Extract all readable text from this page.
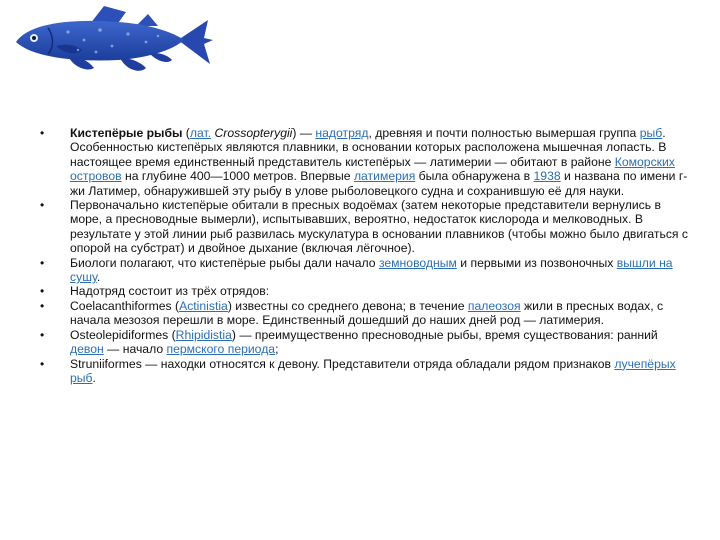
• Кистепёрые рыбы (лат. Crossopterygii) — надотряд, древняя и почти полностью вымершая группа рыб. Особенностью кистепёрых являются плавники, в основании которых расположена мышечная лопасть. В настоящее время единственный представитель кистепёрых — латимерии — обитают в районе Коморских островов на глубине 400—1000 метров. Впервые латимерия была обнаружена в 1938 и названа по имени г-жи Латимер, обнаружившей эту рыбу в улове рыболовецкого судна и сохранившую её для науки.
• Первоначально кистепёрые обитали в пресных водоёмах (затем некоторые представители вернулись в море, а пресноводные вымерли), испытывавших, вероятно, недостаток кислорода и мелководных. В результате у этой линии рыб развилась мускулатура в основании плавников (чтобы можно было двигаться с опорой на субстрат) и двойное дыхание (включая лёгочное).
• Биологи полагают, что кистепёрые рыбы дали начало земноводным и первыми из позвоночных вышли на сушу.
• Надотряд состоит из трёх отрядов:
• Coelacanthiformes (Actinistia) известны со среднего девона; в течение палеозоя жили в пресных водах, с начала мезозоя перешли в море. Единственный дошедший до наших дней род — латимерия.
• Osteolepidiformes (Rhipidistia) — преимущественно пресноводные рыбы, время существования: ранний девон — начало пермского периода;
• Struniiformes — находки относятся к девону. Представители отряда обладали рядом признаков лучепёрых рыб.
